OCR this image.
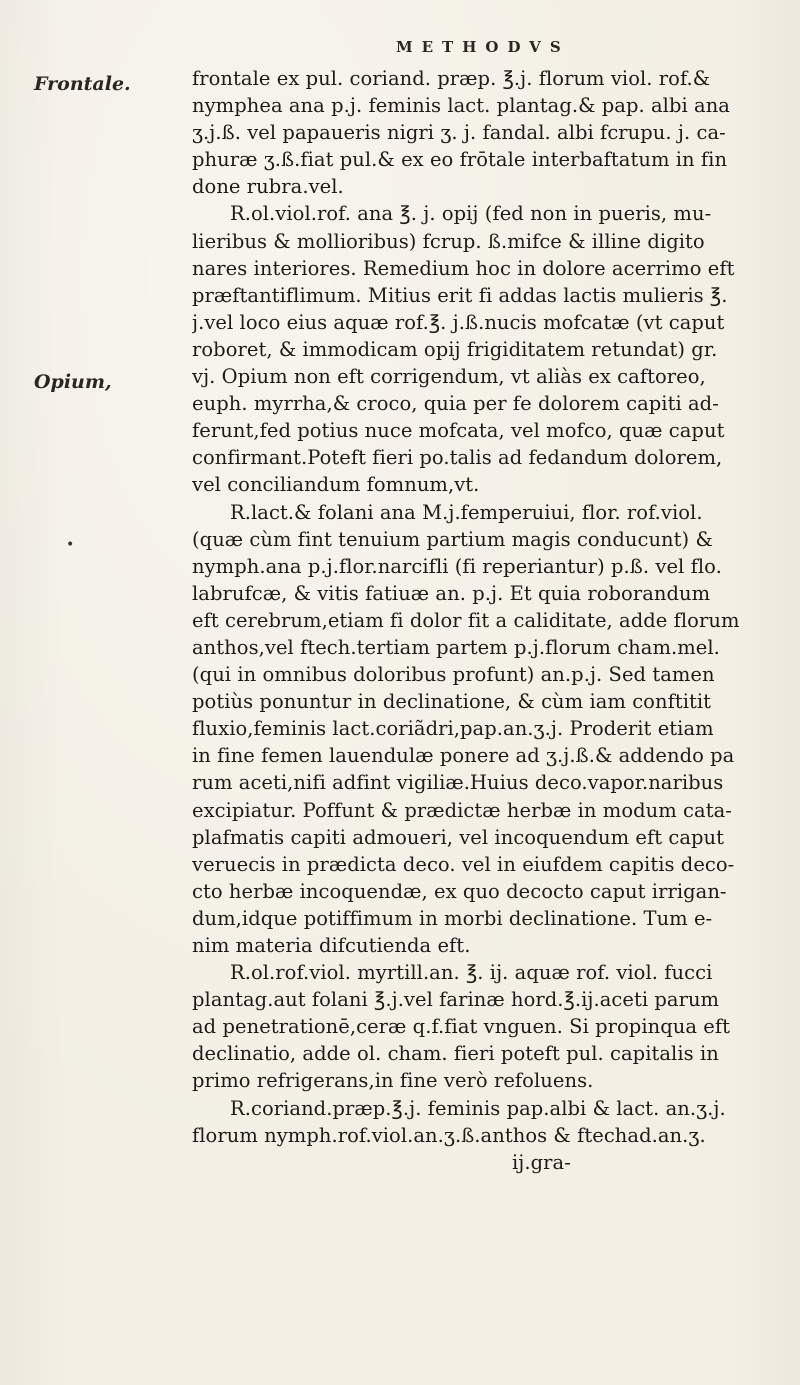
METHODVS
Frontale.
Opium,
•
frontale ex pul. coriand. præp. ℥.j. florum viol. rof.&
nymphea ana p.j. feminis lact. plantag.& pap. albi ana
ʒ.j.ß. vel papaueris nigri ʒ. j. fandal. albi fcrupu. j. ca-
phuræ ʒ.ß.fiat pul.& ex eo frōtale interbaftatum in fin
done rubra.vel.
R.ol.viol.rof. ana ℥. j. opij (fed non in pueris, mu-
lieribus & mollioribus) fcrup. ß.mifce & illine digito
nares interiores. Remedium hoc in dolore acerrimo eft
præftantiflimum. Mitius erit fi addas lactis mulieris ℥.
j.vel loco eius aquæ rof.℥. j.ß.nucis mofcatæ (vt caput
roboret, & immodicam opij frigiditatem retundat) gr.
vj. Opium non eft corrigendum, vt aliàs ex caftoreo,
euph. myrrha,& croco, quia per fe dolorem capiti ad-
ferunt,fed potius nuce mofcata, vel mofco, quæ caput
confirmant.Poteft fieri po.talis ad fedandum dolorem,
vel conciliandum fomnum,vt.
R.lact.& folani ana M.j.femperuiui, flor. rof.viol.
(quæ cùm fint tenuium partium magis conducunt) &
nymph.ana p.j.flor.narcifli (fi reperiantur) p.ß. vel flo.
labrufcæ, & vitis fatiuæ an. p.j. Et quia roborandum
eft cerebrum,etiam fi dolor fit a caliditate, adde florum
anthos,vel ftech.tertiam partem p.j.florum cham.mel.
(qui in omnibus doloribus profunt) an.p.j. Sed tamen
potiùs ponuntur in declinatione, & cùm iam conftitit
fluxio,feminis lact.coriãdri,pap.an.ʒ.j. Proderit etiam
in fine femen lauendulæ ponere ad ʒ.j.ß.& addendo pa
rum aceti,nifi adfint vigiliæ.Huius deco.vapor.naribus
excipiatur. Poffunt & prædictæ herbæ in modum cata-
plafmatis capiti admoueri, vel incoquendum eft caput
veruecis in prædicta deco. vel in eiufdem capitis deco-
cto herbæ incoquendæ, ex quo decocto caput irrigan-
dum,idque potiffimum in morbi declinatione. Tum e-
nim materia difcutienda eft.
R.ol.rof.viol. myrtill.an. ℥. ij. aquæ rof. viol. fucci
plantag.aut folani ℥.j.vel farinæ hord.℥.ij.aceti parum
ad penetrationē,ceræ q.f.fiat vnguen. Si propinqua eft
declinatio, adde ol. cham. fieri poteft pul. capitalis in
primo refrigerans,in fine verò refoluens.
R.coriand.præp.℥.j. feminis pap.albi & lact. an.ʒ.j.
florum nymph.rof.viol.an.ʒ.ß.anthos & ftechad.an.ʒ.
ij.gra-
